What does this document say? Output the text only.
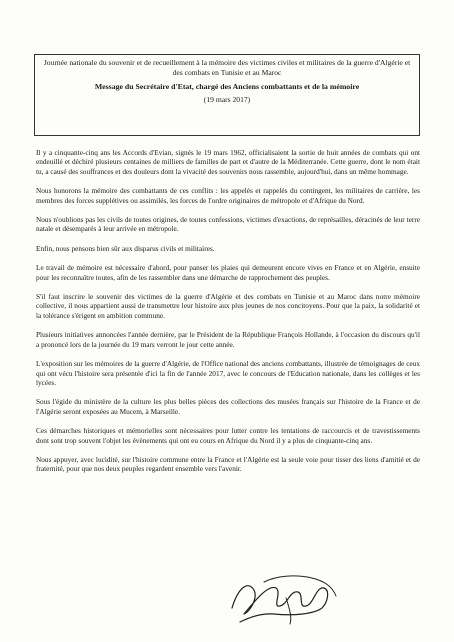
Journée nationale du souvenir et de recueillement à la mémoire des victimes civiles et militaires de la guerre d'Algérie et des combats en Tunisie et au Maroc

Message du Secrétaire d'Etat, chargé des Anciens combattants et de la mémoire

(19 mars 2017)

Il y a cinquante-cinq ans les Accords d'Evian, signés le 19 mars 1962, officialisaient la sortie de huit années de combats qui ont endeuillé et déchiré plusieurs centaines de milliers de familles de part et d'autre de la Méditerranée. Cette guerre, dont le nom était tu, a causé des souffrances et des douleurs dont la vivacité des souvenirs nous rassemble, aujourd'hui, dans un même hommage.

Nous honorons la mémoire des combattants de ces conflits : les appelés et rappelés du contingent, les militaires de carrière, les membres des forces supplétives ou assimilés, les forces de l'ordre originaires de métropole et d'Afrique du Nord.

Nous n'oublions pas les civils de toutes origines, de toutes confessions, victimes d'exactions, de représailles, déracinés de leur terre natale et désemparés à leur arrivée en métropole.

Enfin, nous pensons bien sûr aux disparus civils et militaires.

Le travail de mémoire est nécessaire d'abord, pour panser les plaies qui demeurent encore vives en France et en Algérie, ensuite pour les reconnaître toutes, afin de les rassembler dans une démarche de rapprochement des peuples.

S'il faut inscrire le souvenir des victimes de la guerre d'Algérie et des combats en Tunisie et au Maroc dans notre mémoire collective, il nous appartient aussi de transmettre leur histoire aux plus jeunes de nos concitoyens. Pour que la paix, la solidarité et la tolérance s'érigent en ambition commune.

Plusieurs initiatives annoncées l'année dernière, par le Président de la République François Hollande, à l'occasion du discours qu'il a prononcé lors de la journée du 19 mars verront le jour cette année.

L'exposition sur les mémoires de la guerre d'Algérie, de l'Office national des anciens combattants, illustrée de témoignages de ceux qui ont vécu l'histoire sera présentée d'ici la fin de l'année 2017, avec le concours de l'Education nationale, dans les collèges et les lycées.

Sous l'égide du ministère de la culture les plus belles pièces des collections des musées français sur l'histoire de la France et de l'Algérie seront exposées au Mucem, à Marseille.

Ces démarches historiques et mémorielles sont nécessaires pour lutter contre les tentations de raccourcis et de travestissements dont sont trop souvent l'objet les évènements qui ont eu cours en Afrique du Nord il y a plus de cinquante-cinq ans.

Nous appuyer, avec lucidité, sur l'histoire commune entre la France et l'Algérie est la seule voie pour tisser des liens d'amitié et de fraternité, pour que nos deux peuples regardent ensemble vers l'avenir.
